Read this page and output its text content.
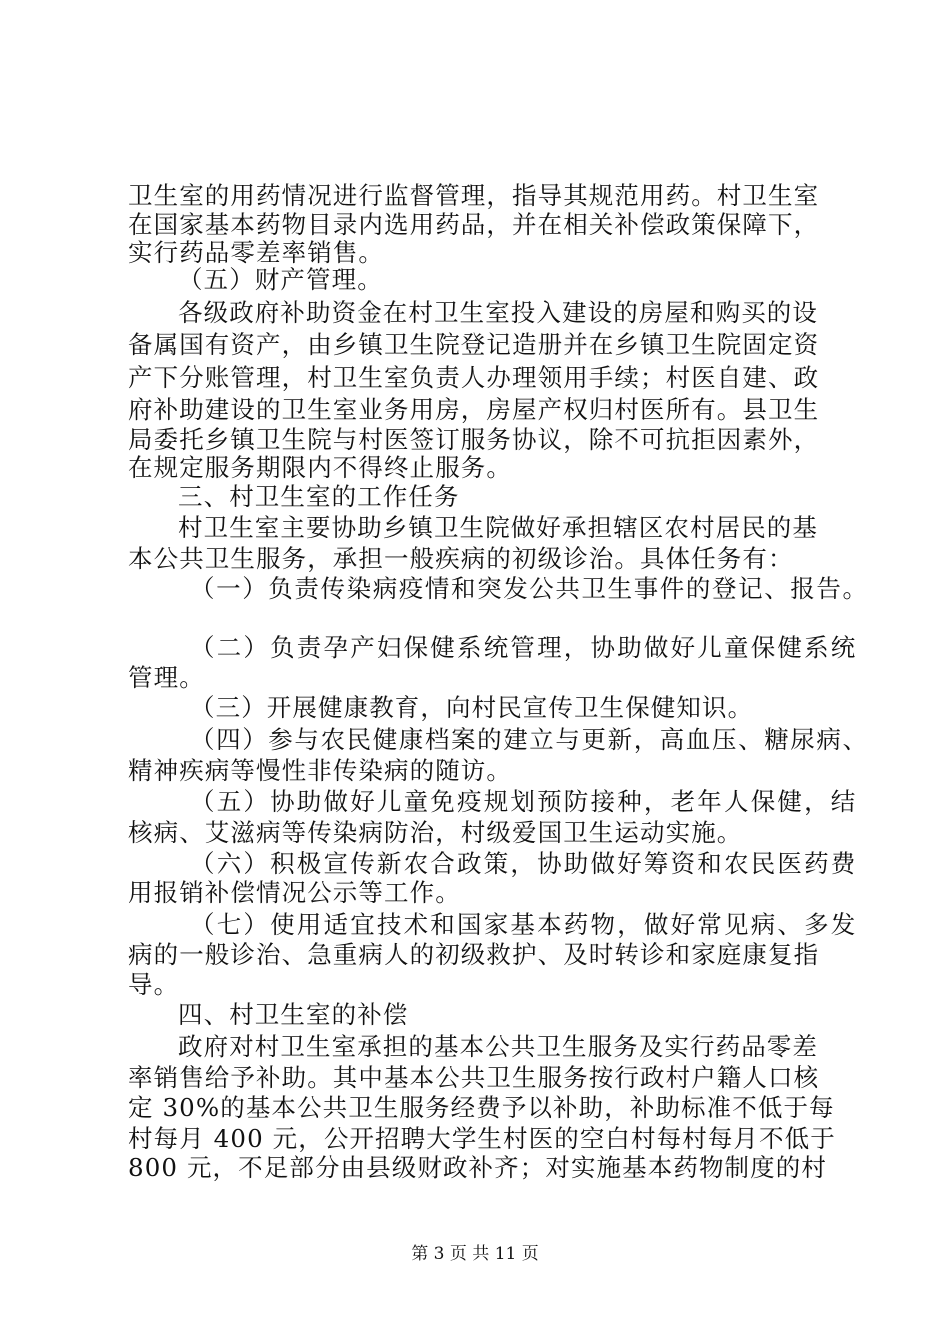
卫生室的用药情况进行监督管理，指导其规范用药。村卫生室
在国家基本药物目录内选用药品，并在相关补偿政策保障下，
实行药品零差率销售。
（五）财产管理。
各级政府补助资金在村卫生室投入建设的房屋和购买的设
备属国有资产，由乡镇卫生院登记造册并在乡镇卫生院固定资
产下分账管理，村卫生室负责人办理领用手续；村医自建、政
府补助建设的卫生室业务用房，房屋产权归村医所有。县卫生
局委托乡镇卫生院与村医签订服务协议，除不可抗拒因素外，
在规定服务期限内不得终止服务。
三、村卫生室的工作任务
村卫生室主要协助乡镇卫生院做好承担辖区农村居民的基
本公共卫生服务，承担一般疾病的初级诊治。具体任务有：
（一）负责传染病疫情和突发公共卫生事件的登记、报告。
（二）负责孕产妇保健系统管理，协助做好儿童保健系统
管理。
（三）开展健康教育，向村民宣传卫生保健知识。
（四）参与农民健康档案的建立与更新，高血压、糖尿病、
精神疾病等慢性非传染病的随访。
（五）协助做好儿童免疫规划预防接种，老年人保健，结
核病、艾滋病等传染病防治，村级爱国卫生运动实施。
（六）积极宣传新农合政策，协助做好筹资和农民医药费
用报销补偿情况公示等工作。
（七）使用适宜技术和国家基本药物，做好常见病、多发
病的一般诊治、急重病人的初级救护、及时转诊和家庭康复指
导。
四、村卫生室的补偿
政府对村卫生室承担的基本公共卫生服务及实行药品零差
率销售给予补助。其中基本公共卫生服务按行政村户籍人口核
定 30%的基本公共卫生服务经费予以补助，补助标准不低于每
村每月 400 元，公开招聘大学生村医的空白村每村每月不低于
800 元，不足部分由县级财政补齐；对实施基本药物制度的村
第 3 页 共 11 页
